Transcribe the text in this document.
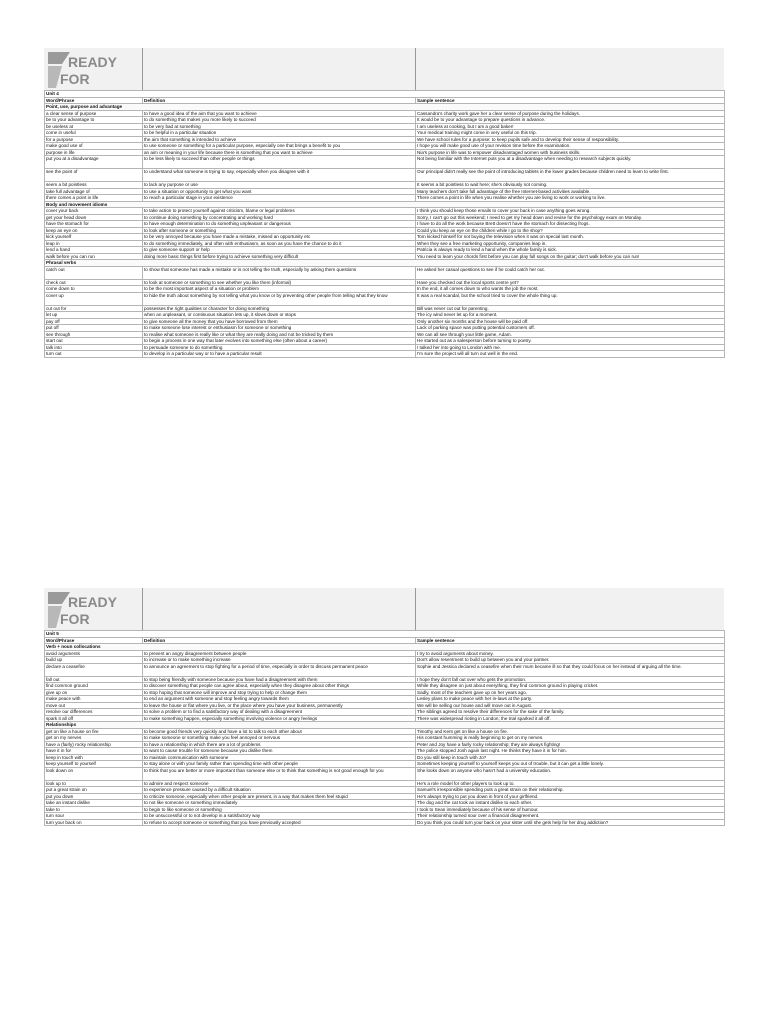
READY
FOR
Unit 4		
Word/Phrase	Definition	Sample sentence
Point, use, purpose and advantage		
a clear sense of purpose	to have a good idea of the aim that you want to achieve	Cassandra's charity work gave her a clear sense of purpose during the holidays.
be to your advantage to	to do something that makes you more likely to succeed	It would be to your advantage to prepare questions in advance.
be useless at	to be very bad at something	I am useless at cooking, but I am a good baker!
come in useful	to be helpful in a particular situation	Your medical training might come in very useful on this trip.
for a purpose	the aim that something is intended to achieve	We have school rules for a purpose: to keep pupils safe and to develop their sense of responsibility.
make good use of	to use someone or something for a particular purpose, especially one that brings a benefit to you	I hope you will make good use of your revision time before the examination.
purpose in life	an aim or meaning in your life because there is something that you want to achieve	Nia's purpose in life was to empower disadvantaged women with business skills.
put you at a disadvantage	to be less likely to succeed than other people or things	Not being familiar with the Internet puts you at a disadvantage when needing to research subjects quickly.
see the point of	to understand what someone is trying to say, especially when you disagree with it	Our principal didn't really see the point of introducing tablets in the lower grades because children need to learn to write first.
seem a bit pointless	to lack any purpose or use	It seems a bit pointless to wait here; she's obviously not coming.
take full advantage of	to use a situation or opportunity to get what you want	Many teachers don't take full advantage of the free Internet-based activities available.
there comes a point in life	to reach a particular stage in your existence	There comes a point in life when you realise whether you are living to work or working to live.
Body and movement idioms		
cover your back	to take action to protect yourself against criticism, blame or legal problems	I think you should keep those emails to cover your back in case anything goes wrong.
get your head down	to continue doing something by concentrating and working hard	Sorry, I can't go out this weekend; I need to get my head down and revise for the psychology exam on Monday.
have the stomach for	to have enough determination to do something unpleasant or dangerous	I have to do all the work because Brett doesn't have the stomach for dissecting frogs.
keep an eye on	to look after someone or something	Could you keep an eye on the children while I go to the shop?
kick yourself	to be very annoyed because you have made a mistake, missed an opportunity etc	Tom kicked himself for not buying the television when it was on special last month.
leap in	to do something immediately, and often with enthusiasm, as soon as you have the chance to do it	When they see a free marketing opportunity, companies leap in.
lend a hand	to give someone support or help	Patricia is always ready to lend a hand when the whole family is sick.
walk before you can run	doing more basic things first before trying to achieve something very difficult	You need to learn your chords first before you can play full songs on the guitar; don't walk before you can run!
Phrasal verbs		
catch out	to show that someone has made a mistake or is not telling the truth, especially by asking them questions	He asked her casual questions to see if he could catch her out.
check out	to look at someone or something to see whether you like them (informal)	Have you checked out the local sports centre yet?
come down to	to be the most important aspect of a situation or problem	In the end, it all comes down to who wants the job the most.
cover up	to hide the truth about something by not telling what you know or by preventing other people from telling what they know	It was a real scandal, but the school tried to cover the whole thing up.
cut out for	possesses the right qualities or character for doing something	Bill was never cut out for parenting.
let up	when an unpleasant, or continuous situation lets up, it slows down or stops	The icy wind never let up for a moment.
pay off	to give someone all the money that you have borrowed from them	Only another six months and the house will be paid off.
put off	to make someone lose interest or enthusiasm for someone or something	Lack of parking space was putting potential customers off.
see through	to realise what someone is really like or what they are really doing and not be tricked by them	We can all see through your little game, Adam.
start out	to begin a process in one way that later evolves into something else (often about a career)	He started out as a salesperson before turning to poetry.
talk into	to persuade someone to do something	I talked her into going to London with me.
turn out	to develop in a particular way or to have a particular result	I'm sure the project will all turn out well in the end.
READY
FOR
Unit 5		
Word/Phrase	Definition	Sample sentence
Verb + noun collocations		
avoid arguments	to prevent an angry disagreement between people	I try to avoid arguments about money.
build up	to increase or to make something increase	Don't allow resentment to build up between you and your partner.
declare a ceasefire	to announce an agreement to stop fighting for a period of time, especially in order to discuss permanent peace	Sophie and Jessica declared a ceasefire when their mum became ill so that they could focus on her instead of arguing all the time.
fall out	to stop being friendly with someone because you have had a disagreement with them	I hope they don't fall out over who gets the promotion.
find common ground	to discover something that people can agree about, especially when they disagree about other things	While they disagree on just about everything, they find common ground in playing cricket.
give up on	to stop hoping that someone will improve and stop trying to help or change them	Sadly, most of the teachers gave up on her years ago.
make peace with	to end an argument with someone and stop feeling angry towards them	Lesley plans to make peace with her in-laws at the party.
move out	to leave the house or flat where you live, or the place where you have your business, permanently	We will be selling our house and will move out in August.
resolve our differences	to solve a problem or to find a satisfactory way of dealing with a disagreement	The siblings agreed to resolve their differences for the sake of the family.
spark it all off	to make something happen, especially something involving violence or angry feelings	There was widespread rioting in London; the trial sparked it all off.
Relationships		
get on like a house on fire	to become good friends very quickly and have a lot to talk to each other about	Timothy and Kent get on like a house on fire.
get on my nerves	to make someone or something make you feel annoyed or nervous	His constant humming is really beginning to get on my nerves.
have a (fairly) rocky relationship	to have a relationship in which there are a lot of problems	Peter and Joy have a fairly rocky relationship; they are always fighting!
have it in for	to want to cause trouble for someone because you dislike them	The police stopped Josh again last night. He thinks they have it in for him.
keep in touch with	to maintain communication with someone	Do you still keep in touch with Jo?
keep yourself to yourself	to stay alone or with your family rather than spending time with other people	Sometimes keeping yourself to yourself keeps you out of trouble, but it can get a little lonely.
look down on	to think that you are better or more important than someone else or to think that something is not good enough for you	She looks down on anyone who hasn't had a university education.
look up to	to admire and respect someone	He's a role model for other players to look up to.
put a great strain on	to experience pressure caused by a difficult situation	Samuel's irresponsible spending puts a great strain on their relationship.
put you down	to criticize someone, especially when other people are present, in a way that makes them feel stupid	He's always trying to put you down in front of your girlfriend.
take an instant dislike	to not like someone or something immediately	The dog and the cat took an instant dislike to each other.
take to	to begin to like someone or something	I took to Sean immediately because of his sense of humour.
turn sour	to be unsuccessful or to not develop in a satisfactory way	Their relationship turned sour over a financial disagreement.
turn your back on	to refuse to accept someone or something that you have previously accepted	Do you think you could turn your back on your sister until she gets help for her drug addiction?
